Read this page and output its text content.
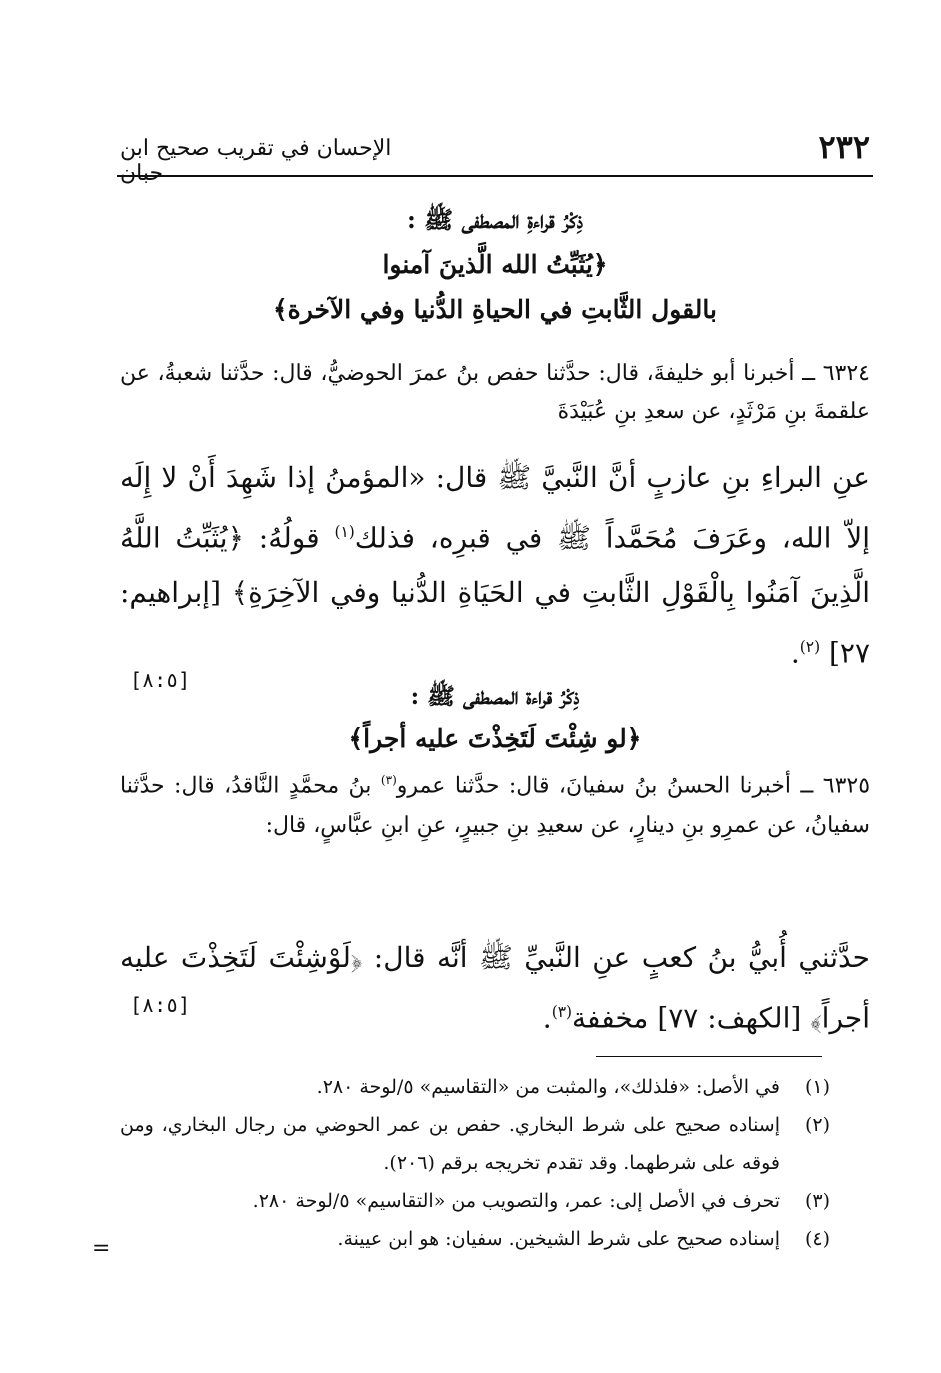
٢٣٢
الإحسان في تقريب صحيح ابن حبان
ذِكْرُ قراءةِ المصطفى ﷺ :
﴿يُثَبِّتُ الله الَّذينَ آمنوا
بالقول الثَّابتِ في الحياةِ الدُّنيا وفي الآخرة﴾
٦٣٢٤ ــ أخبرنا أبو خليفةَ، قال: حدَّثنا حفص بنُ عمرَ الحوضيُّ، قال: حدَّثنا شعبةُ، عن علقمةَ بنِ مَرْثَدٍ، عن سعدِ بنِ عُبَيْدَةَ
عنِ البراءِ بنِ عازبٍ أنَّ النَّبيَّ ﷺ قال: «المؤمنُ إذا شَهِدَ أَنْ لا إِلَه إلاّ الله، وعَرَفَ مُحَمَّداً ﷺ في قبرِه، فذلك$^{(١)}$ قولُهُ: ﴿يُثَبِّتُ اللَّهُ الَّذِينَ آمَنُوا بِالْقَوْلِ الثَّابتِ في الحَيَاةِ الدُّنيا وفي الآخِرَةِ﴾ [إبراهيم: ٢٧] $^{(٢)}$.
[٨:٥]
ذِكْرُ قراءة المصطفى ﷺ :
﴿لو شِئْتَ لَتَخِذْتَ عليه أجراً﴾
٦٣٢٥ ــ أخبرنا الحسنُ بنُ سفيانَ، قال: حدَّثنا عمرو$^{(٣)}$ بنُ محمَّدٍ النَّاقدُ، قال: حدَّثنا سفيانُ، عن عمرِو بنِ دينارٍ، عن سعيدِ بنِ جبيرٍ، عنِ ابنِ عبَّاسٍ، قال:
حدَّثني أُبيُّ بنُ كعبٍ عنِ النَّبيِّ ﷺ أنَّه قال: ﴿لَوْشِئْتَ لَتَخِذْتَ عليه أجراً﴾ [الكهف: ٧٧] مخففة$^{(٣)}$.
[٨:٥]
(١)
في الأصل: «فلذلك»، والمثبت من «التقاسيم» ٥/لوحة ٢٨٠.
(٢)
إسناده صحيح على شرط البخاري. حفص بن عمر الحوضي من رجال البخاري، ومن فوقه على شرطهما. وقد تقدم تخريجه برقم (٢٠٦).
(٣)
تحرف في الأصل إلى: عمر، والتصويب من «التقاسيم» ٥/لوحة ٢٨٠.
(٤)
إسناده صحيح على شرط الشيخين. سفيان: هو ابن عيينة.
=
